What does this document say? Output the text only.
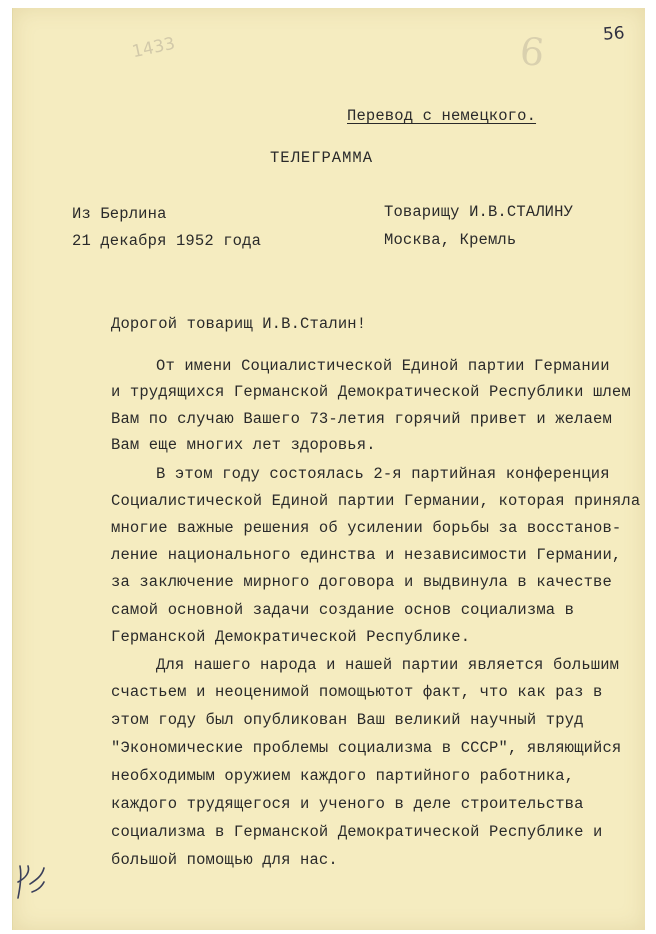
56
1433	6

Перевод с немецкого.

ТЕЛЕГРАММА

Из Берлина

21 декабря 1952 года

Товарищу И.В.СТАЛИНУ

Москва, Кремль

Дорогой товарищ И.В.Сталин!

От имени Социалистической Единой партии Германии

и трудящихся Германской Демократической Республики шлем

Вам по случаю Вашего 73-летия горячий привет и желаем

Вам еще многих лет здоровья.

В этом году состоялась 2-я партийная конференция

Социалистической Единой партии Германии, которая приняла

многие важные решения об усилении борьбы за восстанов-

ление национального единства и независимости Германии,

за заключение мирного договора и выдвинула в качестве

самой основной задачи создание основ социализма в

Германской Демократической Республике.

Для нашего народа и нашей партии является большим

счастьем и неоценимой помощьютот факт, что как раз в

этом году был опубликован Ваш великий научный труд

"Экономические проблемы социализма в СССР", являющийся

необходимым оружием каждого партийного работника,

каждого трудящегося и ученого в деле строительства

социализма в Германской Демократической Республике и

большой помощью для нас.
